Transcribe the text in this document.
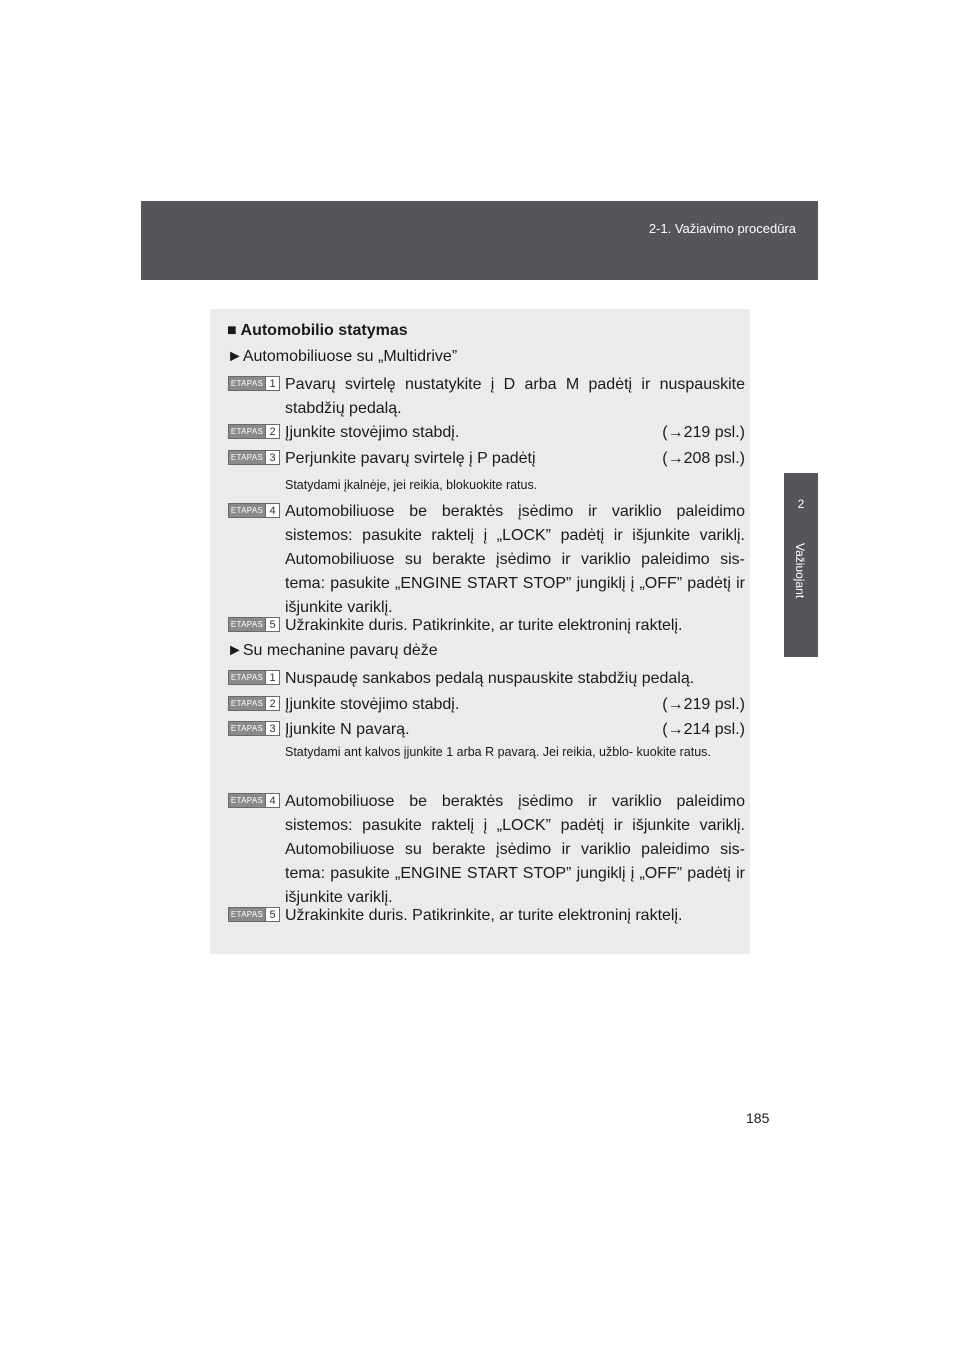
2-1. Važiavimo procedūra
2
Važiuojant
■ Automobilio statymas
►Automobiliuose su „Multidrive”
ETAPAS 1 Pavarų svirtelę nustatykite į D arba M padėtį ir nuspauskite stabdžių pedalą.
ETAPAS 2 Įjunkite stovėjimo stabdį.	(→219 psl.)
ETAPAS 3 Perjunkite pavarų svirtelę į P padėtį	(→208 psl.)
Statydami įkalnėje, jei reikia, blokuokite ratus.
ETAPAS 4 Automobiliuose be beraktės įsėdimo ir variklio paleidimo sistemos: pasukite raktelį į „LOCK” padėtį ir išjunkite variklį. Automobiliuose su berakte įsėdimo ir variklio paleidimo sis- tema: pasukite „ENGINE START STOP” jungiklį į „OFF” padėtį ir išjunkite variklį.
ETAPAS 5 Užrakinkite duris. Patikrinkite, ar turite elektroninį raktelį.
►Su mechanine pavarų dėže
ETAPAS 1 Nuspaudę sankabos pedalą nuspauskite stabdžių pedalą.
ETAPAS 2 Įjunkite stovėjimo stabdį.	(→219 psl.)
ETAPAS 3 Įjunkite N pavarą.	(→214 psl.)
Statydami ant kalvos įjunkite 1 arba R pavarą. Jei reikia, užblo- kuokite ratus.
ETAPAS 4 Automobiliuose be beraktės įsėdimo ir variklio paleidimo sistemos: pasukite raktelį į „LOCK” padėtį ir išjunkite variklį. Automobiliuose su berakte įsėdimo ir variklio paleidimo sis- tema: pasukite „ENGINE START STOP” jungiklį į „OFF” padėtį ir išjunkite variklį.
ETAPAS 5 Užrakinkite duris. Patikrinkite, ar turite elektroninį raktelį.
185
